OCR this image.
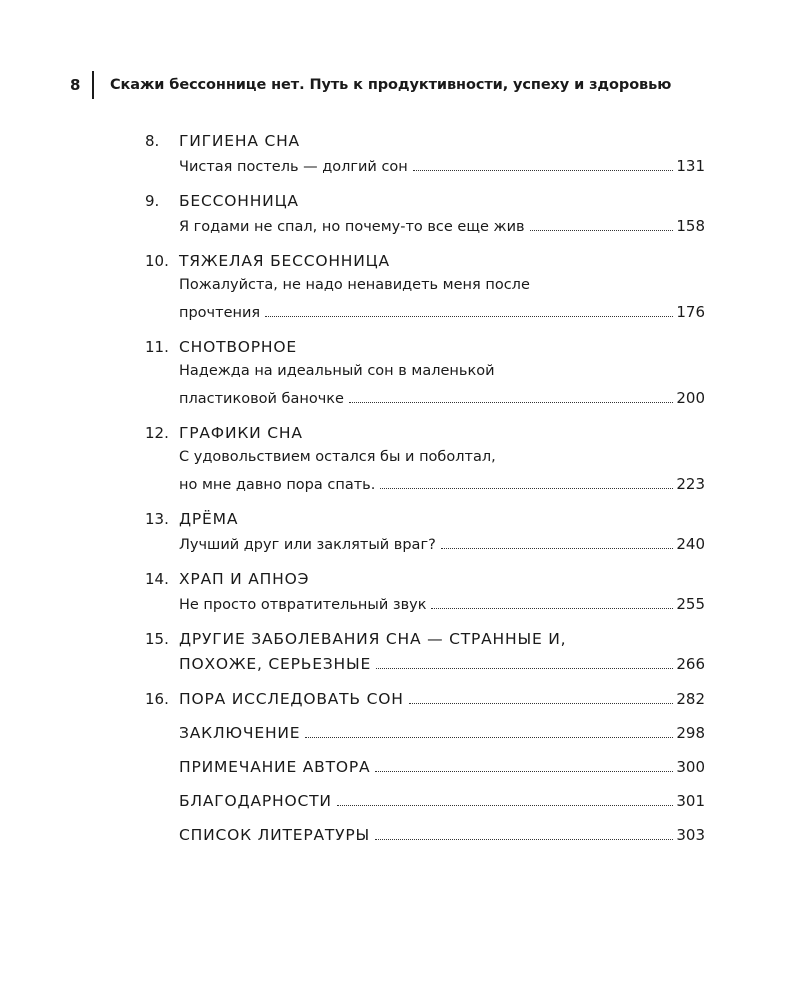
8	Скажи бессоннице нет. Путь к продуктивности, успеху и здоровью
8.	ГИГИЕНА СНА
Чистая постель — долгий сон	131
9.	БЕССОННИЦА
Я годами не спал, но почему-то все еще жив	158
10. ТЯЖЕЛАЯ БЕССОННИЦА
Пожалуйста, не надо ненавидеть меня после
прочтения	176
11. СНОТВОРНОЕ
Надежда на идеальный сон в маленькой
пластиковой баночке	200
12. ГРАФИКИ СНА
С удовольствием остался бы и поболтал,
но мне давно пора спать.	223
13. ДРЁМА
Лучший друг или заклятый враг?	240
14. ХРАП И АПНОЭ
Не просто отвратительный звук	255
15. ДРУГИЕ ЗАБОЛЕВАНИЯ СНА — СТРАННЫЕ И,
ПОХОЖЕ, СЕРЬЕЗНЫЕ	266
16. ПОРА ИССЛЕДОВАТЬ СОН	282
ЗАКЛЮЧЕНИЕ	298
ПРИМЕЧАНИЕ АВТОРА	300
БЛАГОДАРНОСТИ	301
СПИСОК ЛИТЕРАТУРЫ	303
